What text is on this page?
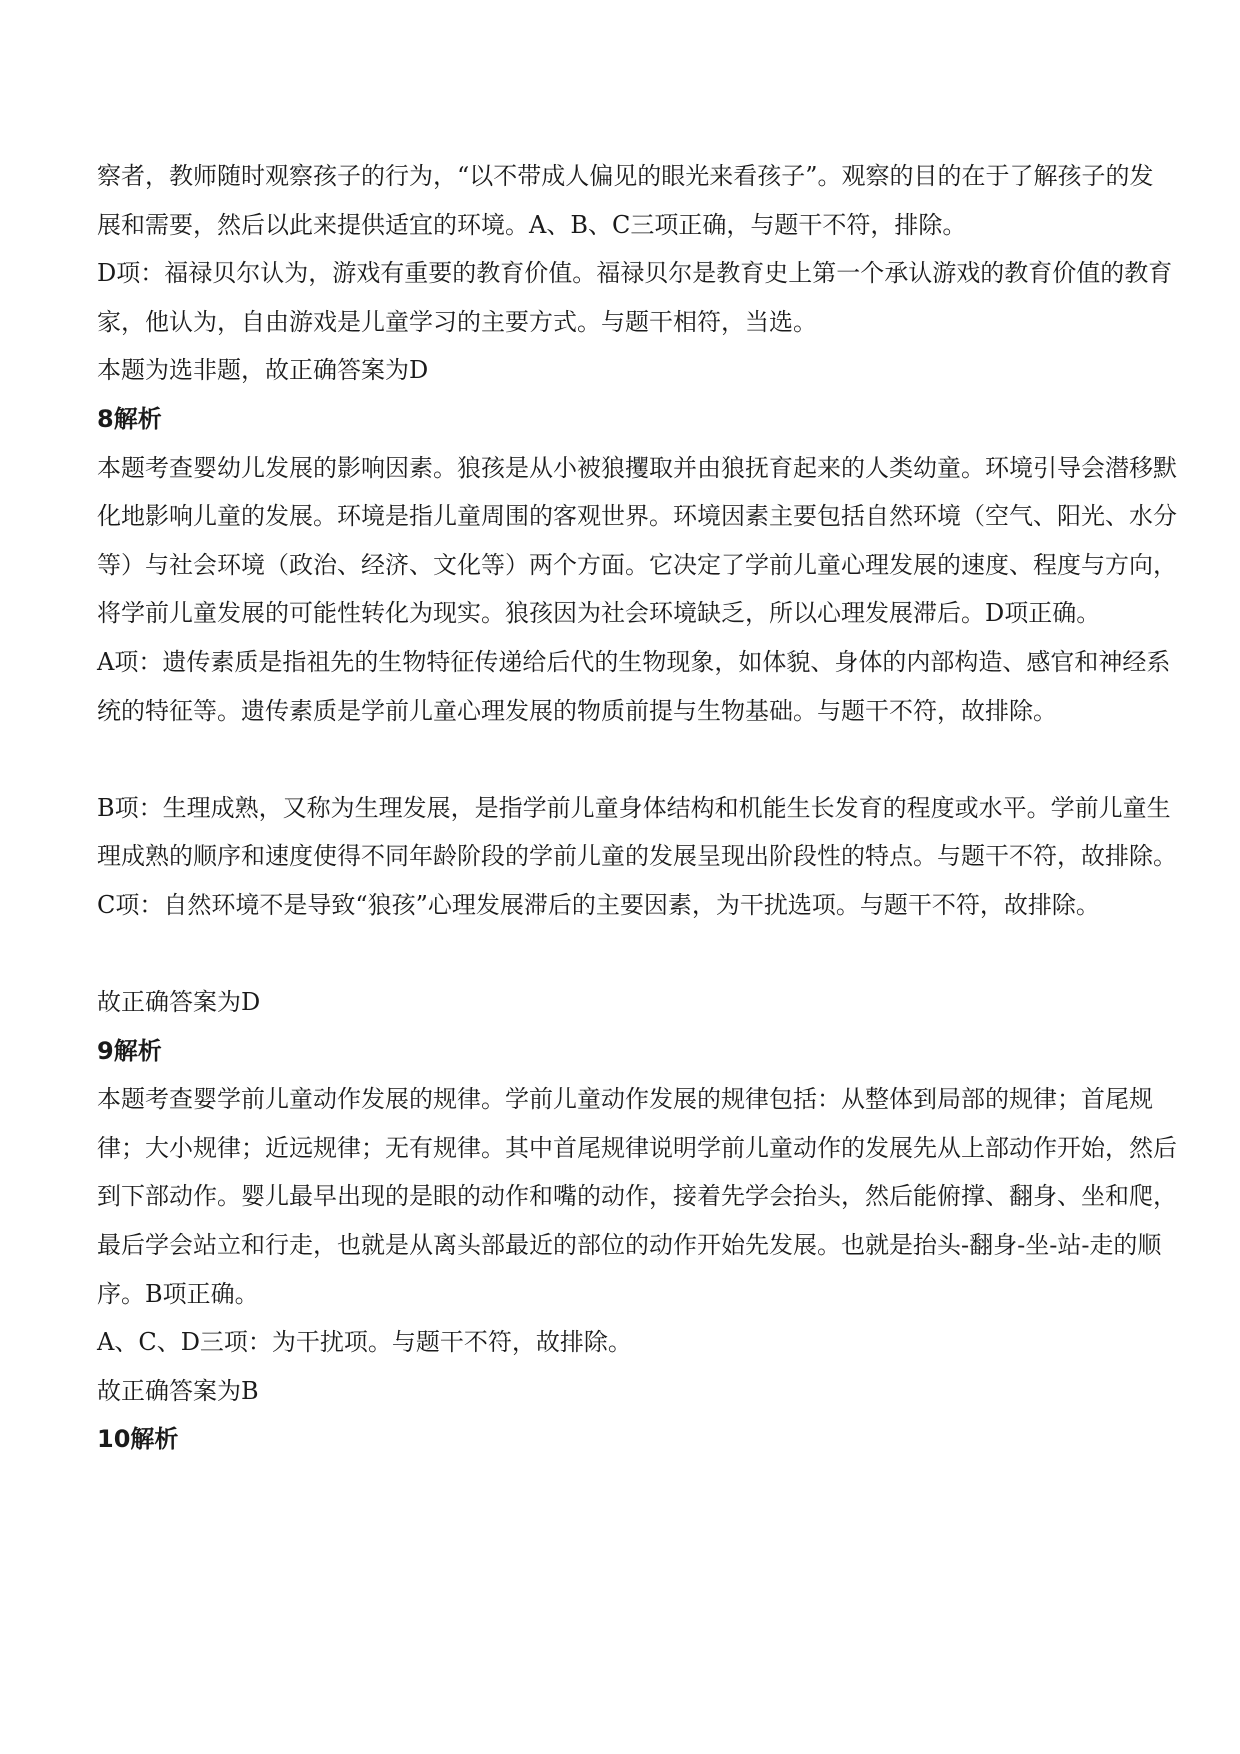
察者，教师随时观察孩子的行为，“以不带成人偏见的眼光来看孩子”。观察的目的在于了解孩子的发展和需要，然后以此来提供适宜的环境。A、B、C三项正确，与题干不符，排除。

D项：福禄贝尔认为，游戏有重要的教育价值。福禄贝尔是教育史上第一个承认游戏的教育价值的教育家，他认为，自由游戏是儿童学习的主要方式。与题干相符，当选。

本题为选非题，故正确答案为D

8解析

本题考查婴幼儿发展的影响因素。狼孩是从小被狼攫取并由狼抚育起来的人类幼童。环境引导会潜移默化地影响儿童的发展。环境是指儿童周围的客观世界。环境因素主要包括自然环境（空气、阳光、水分等）与社会环境（政治、经济、文化等）两个方面。它决定了学前儿童心理发展的速度、程度与方向，将学前儿童发展的可能性转化为现实。狼孩因为社会环境缺乏，所以心理发展滞后。D项正确。

A项：遗传素质是指祖先的生物特征传递给后代的生物现象，如体貌、身体的内部构造、感官和神经系统的特征等。遗传素质是学前儿童心理发展的物质前提与生物基础。与题干不符，故排除。

B项：生理成熟，又称为生理发展，是指学前儿童身体结构和机能生长发育的程度或水平。学前儿童生理成熟的顺序和速度使得不同年龄阶段的学前儿童的发展呈现出阶段性的特点。与题干不符，故排除。

C项：自然环境不是导致“狼孩”心理发展滞后的主要因素，为干扰选项。与题干不符，故排除。

故正确答案为D

9解析

本题考查婴学前儿童动作发展的规律。学前儿童动作发展的规律包括：从整体到局部的规律；首尾规律；大小规律；近远规律；无有规律。其中首尾规律说明学前儿童动作的发展先从上部动作开始，然后到下部动作。婴儿最早出现的是眼的动作和嘴的动作，接着先学会抬头，然后能俯撑、翻身、坐和爬，最后学会站立和行走，也就是从离头部最近的部位的动作开始先发展。也就是抬头-翻身-坐-站-走的顺序。B项正确。

A、C、D三项：为干扰项。与题干不符，故排除。

故正确答案为B

10解析
